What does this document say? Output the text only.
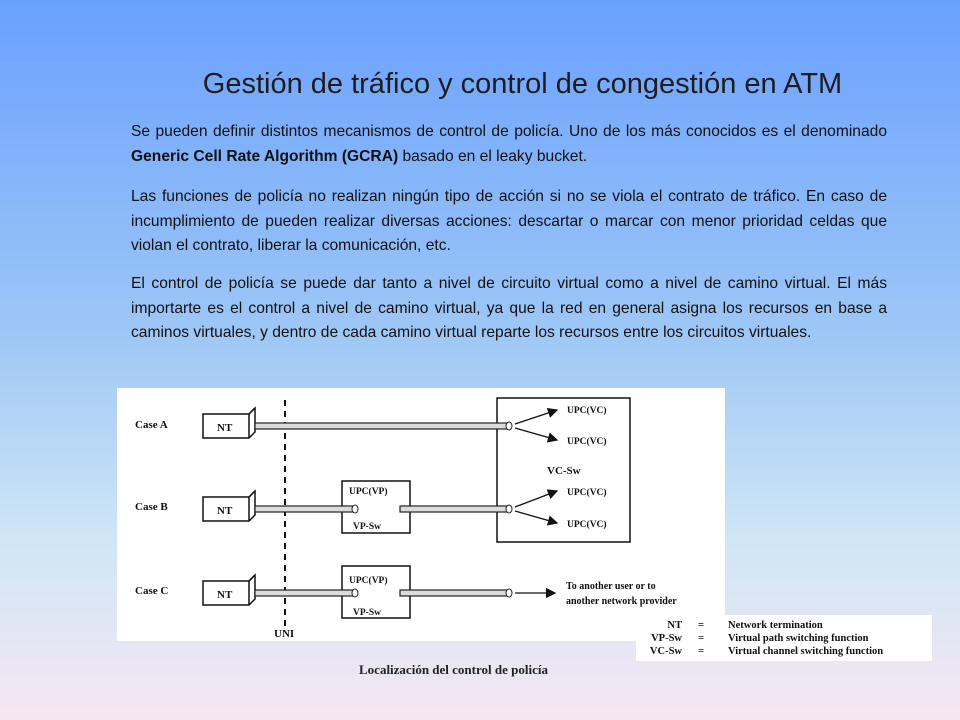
Gestión de tráfico y control de congestión en ATM
Se pueden definir distintos mecanismos de control de policía. Uno de los más conocidos es el denominado Generic Cell Rate Algorithm (GCRA) basado en el leaky bucket.
Las funciones de policía no realizan ningún tipo de acción si no se viola el contrato de tráfico. En caso de incumplimiento de pueden realizar diversas acciones: descartar o marcar con menor prioridad celdas que violan el contrato, liberar la comunicación, etc.
El control de policía se puede dar tanto a nivel de circuito virtual como a nivel de camino virtual. El más importarte es el control a nivel de camino virtual, ya que la red en general asigna los recursos en base a caminos virtuales, y dentro de cada camino virtual reparte los recursos entre los circuitos virtuales.
UNI
VC-Sw
Case A	NT
UPC(VC)
UPC(VC)
Case B	NT
UPC(VP)
VP-Sw
UPC(VC)
UPC(VC)
Case C	NT
UPC(VP)
VP-Sw
To another user or to
another network provider
NT = Network termination
VP-Sw = Virtual path switching function
VC-Sw = Virtual channel switching function
Localización del control de policía
